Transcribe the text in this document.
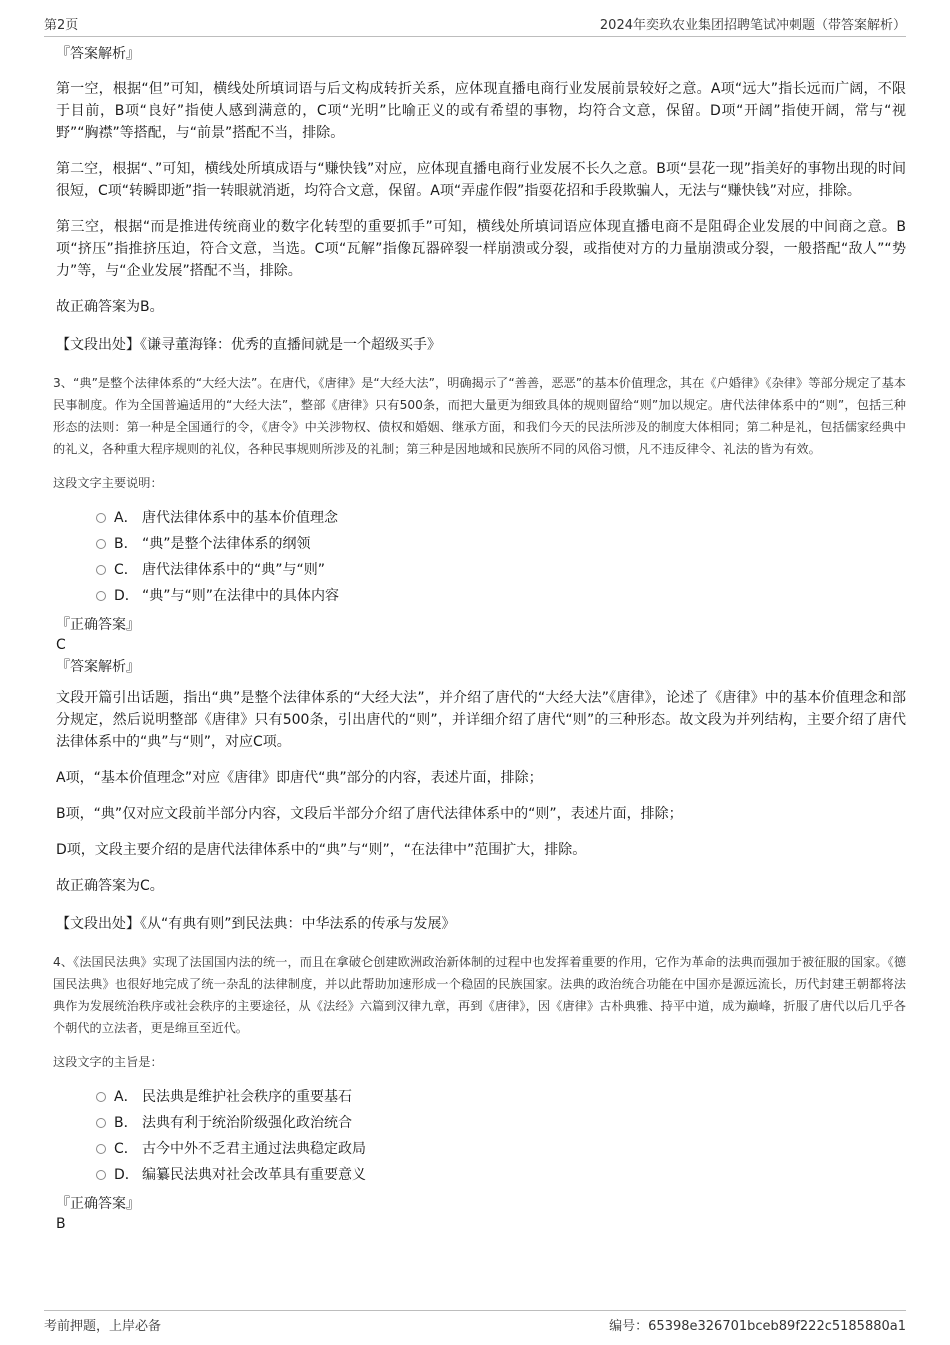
第2页	2024年奕玖农业集团招聘笔试冲刺题（带答案解析）

『答案解析』

第一空，根据“但”可知，横线处所填词语与后文构成转折关系，应体现直播电商行业发展前景较好之意。A项“远大”指长远而广阔，不限于目前，B项“良好”指使人感到满意的，C项“光明”比喻正义的或有希望的事物，均符合文意，保留。D项“开阔”指使开阔，常与“视野”“胸襟”等搭配，与“前景”搭配不当，排除。

第二空，根据“、”可知，横线处所填成语与“赚快钱”对应，应体现直播电商行业发展不长久之意。B项“昙花一现”指美好的事物出现的时间很短，C项“转瞬即逝”指一转眼就消逝，均符合文意，保留。A项“弄虚作假”指耍花招和手段欺骗人，无法与“赚快钱”对应，排除。

第三空，根据“而是推进传统商业的数字化转型的重要抓手”可知，横线处所填词语应体现直播电商不是阻碍企业发展的中间商之意。B项“挤压”指推挤压迫，符合文意，当选。C项“瓦解”指像瓦器碎裂一样崩溃或分裂，或指使对方的力量崩溃或分裂，一般搭配“敌人”“势力”等，与“企业发展”搭配不当，排除。

故正确答案为B。

【文段出处】《谦寻董海锋：优秀的直播间就是一个超级买手》

3、“典”是整个法律体系的“大经大法”。在唐代，《唐律》是“大经大法”，明确揭示了“善善，恶恶”的基本价值理念，其在《户婚律》《杂律》等部分规定了基本民事制度。作为全国普遍适用的“大经大法”，整部《唐律》只有500条，而把大量更为细致具体的规则留给“则”加以规定。唐代法律体系中的“则”，包括三种形态的法则：第一种是全国通行的令，《唐令》中关涉物权、债权和婚姻、继承方面，和我们今天的民法所涉及的制度大体相同；第二种是礼，包括儒家经典中的礼义，各种重大程序规则的礼仪，各种民事规则所涉及的礼制；第三种是因地域和民族所不同的风俗习惯，凡不违反律令、礼法的皆为有效。

这段文字主要说明：

A． 唐代法律体系中的基本价值理念
B． “典”是整个法律体系的纲领
C． 唐代法律体系中的“典”与“则”
D． “典”与“则”在法律中的具体内容

『正确答案』

C

『答案解析』

文段开篇引出话题，指出“典”是整个法律体系的“大经大法”，并介绍了唐代的“大经大法”《唐律》，论述了《唐律》中的基本价值理念和部分规定，然后说明整部《唐律》只有500条，引出唐代的“则”，并详细介绍了唐代“则”的三种形态。故文段为并列结构，主要介绍了唐代法律体系中的“典”与“则”，对应C项。

A项，“基本价值理念”对应《唐律》即唐代“典”部分的内容，表述片面，排除；

B项，“典”仅对应文段前半部分内容，文段后半部分介绍了唐代法律体系中的“则”，表述片面，排除；

D项，文段主要介绍的是唐代法律体系中的“典”与“则”，“在法律中”范围扩大，排除。

故正确答案为C。

【文段出处】《从“有典有则”到民法典：中华法系的传承与发展》

4、《法国民法典》实现了法国国内法的统一，而且在拿破仑创建欧洲政治新体制的过程中也发挥着重要的作用，它作为革命的法典而强加于被征服的国家。《德国民法典》也很好地完成了统一杂乱的法律制度，并以此帮助加速形成一个稳固的民族国家。法典的政治统合功能在中国亦是源远流长，历代封建王朝都将法典作为发展统治秩序或社会秩序的主要途径，从《法经》六篇到汉律九章，再到《唐律》，因《唐律》古朴典雅、持平中道，成为巅峰，折服了唐代以后几乎各个朝代的立法者，更是绵亘至近代。

这段文字的主旨是：

A． 民法典是维护社会秩序的重要基石
B． 法典有利于统治阶级强化政治统合
C． 古今中外不乏君主通过法典稳定政局
D． 编纂民法典对社会改革具有重要意义

『正确答案』

B

考前押题，上岸必备	编号：65398e326701bceb89f222c5185880a1
